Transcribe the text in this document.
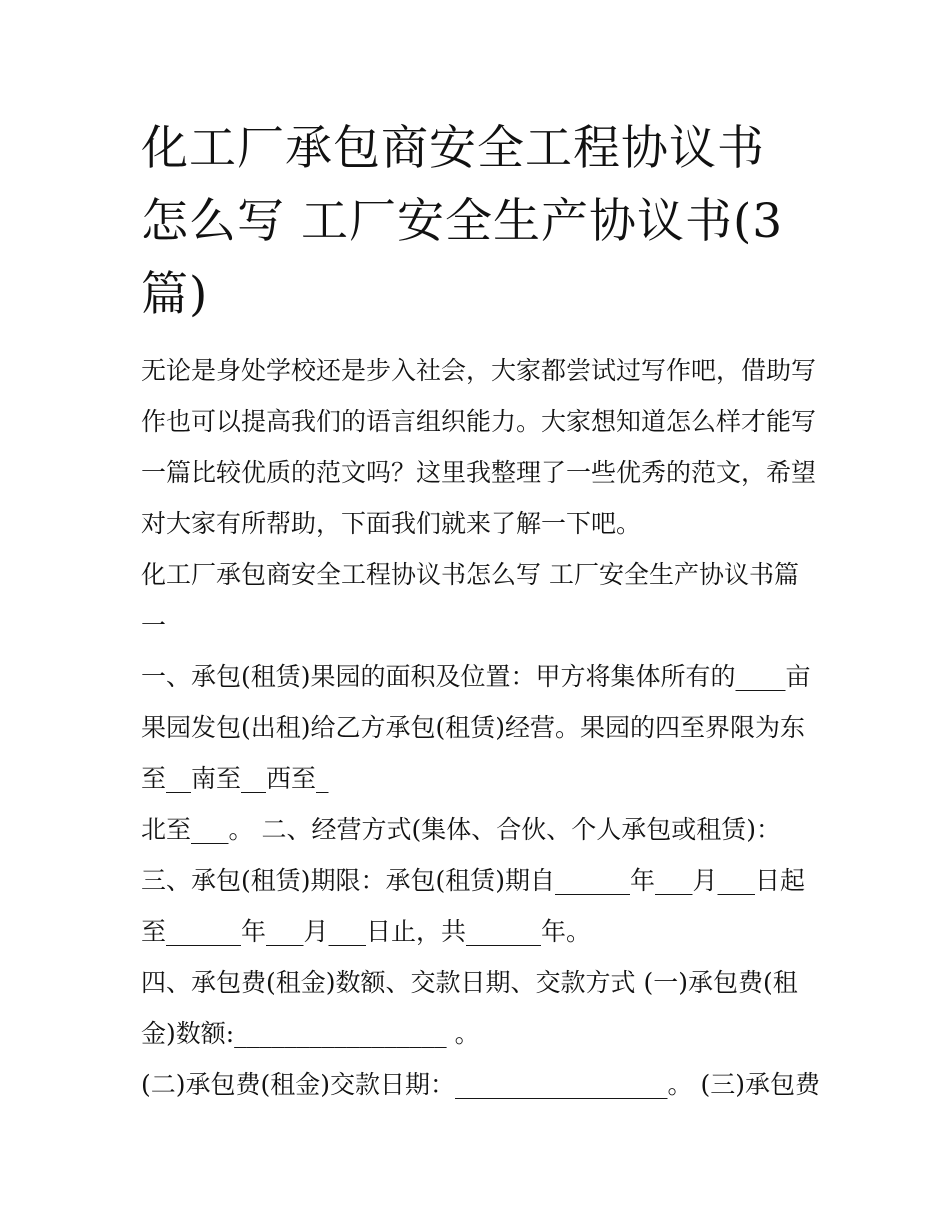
化工厂承包商安全工程协议书
怎么写 工厂安全生产协议书(3
篇)

无论是身处学校还是步入社会，大家都尝试过写作吧，借助写

作也可以提高我们的语言组织能力。大家想知道怎么样才能写

一篇比较优质的范文吗？这里我整理了一些优秀的范文，希望

对大家有所帮助，下面我们就来了解一下吧。

化工厂承包商安全工程协议书怎么写 工厂安全生产协议书篇

一

一、承包(租赁)果园的面积及位置：甲方将集体所有的____亩

果园发包(出租)给乙方承包(租赁)经营。果园的四至界限为东

至__南至__西至_

北至___。 二、经营方式(集体、合伙、个人承包或租赁)：

三、承包(租赁)期限：承包(租赁)期自______年___月___日起

至______年___月___日止，共______年。

四、承包费(租金)数额、交款日期、交款方式 (一)承包费(租

金)数额:_________________ 。

(二)承包费(租金)交款日期：_________________。 (三)承包费
